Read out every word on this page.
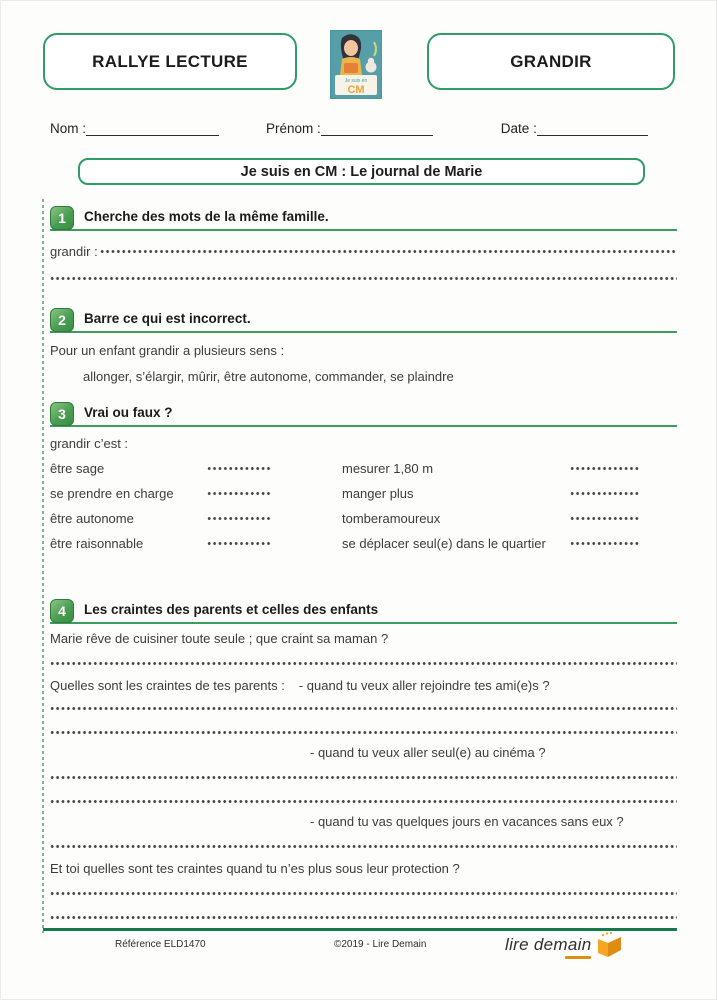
RALLYE LECTURE
Je suis en
CM
GRANDIR
Nom :	Prénom :	Date :
Je suis en CM : Le journal de Marie
1	Cherche des mots de la même famille.
grandir :
2	Barre ce qui est incorrect.
Pour un enfant grandir a plusieurs sens :
allonger, s’élargir, mûrir, être autonome, commander, se plaindre
3	Vrai ou faux ?
grandir c’est :
être sage	mesurer 1,80 m
se prendre en charge	manger plus
être autonome	tomberamoureux
être raisonnable	se déplacer seul(e) dans le quartier
4	Les craintes des parents et celles des enfants
Marie rêve de cuisiner toute seule ; que craint sa maman ?
Quelles sont les craintes de tes parents : - quand tu veux aller rejoindre tes ami(e)s ?
- quand tu veux aller seul(e) au cinéma ?
- quand tu vas quelques jours en vacances sans eux ?
Et toi quelles sont tes craintes quand tu n’es plus sous leur protection ?
Référence ELD1470	©2019 - Lire Demain	lire demain
